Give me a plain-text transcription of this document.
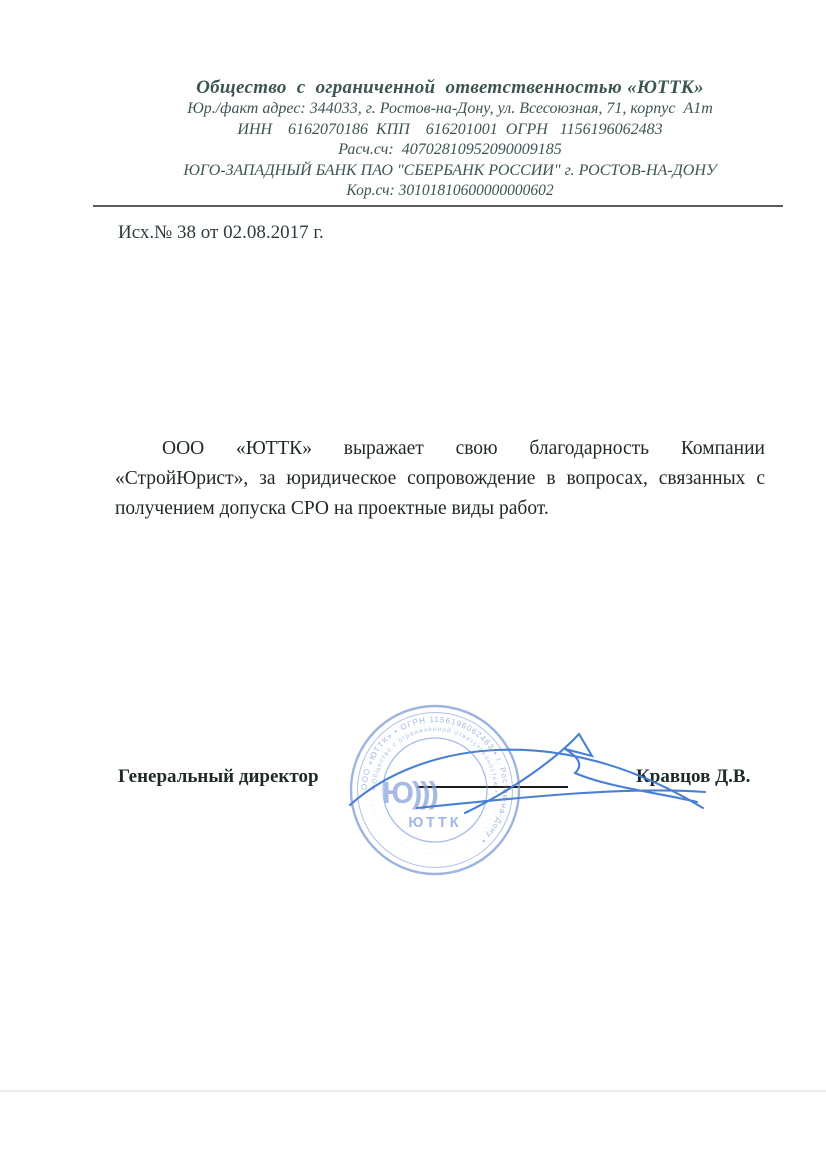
Общество  с  ограниченной  ответственностью «ЮТТК»
Юр./факт адрес: 344033, г. Ростов-на-Дону, ул. Всесоюзная, 71, корпус  А1т
ИНН    6162070186  КПП    616201001  ОГРН   1156196062483
Расч.сч:  40702810952090009185
ЮГО-ЗАПАДНЫЙ БАНК ПАО "СБЕРБАНК РОССИИ" г. РОСТОВ-НА-ДОНУ
Кор.сч: 30101810600000000602
Исх.№ 38 от 02.08.2017 г.
ООО «ЮТТК» выражает свою благодарность Компании
«СтройЮрист», за юридическое сопровождение в вопросах, связанных с
получением допуска СРО на проектные виды работ.
Генеральный директор	Кравцов Д.В.
ООО «ЮТТК» • ОГРН 1156196062483 • г. Ростов-на-Дону •
• Общество с ограниченной ответственностью •
Ю)))
ЮТТК
